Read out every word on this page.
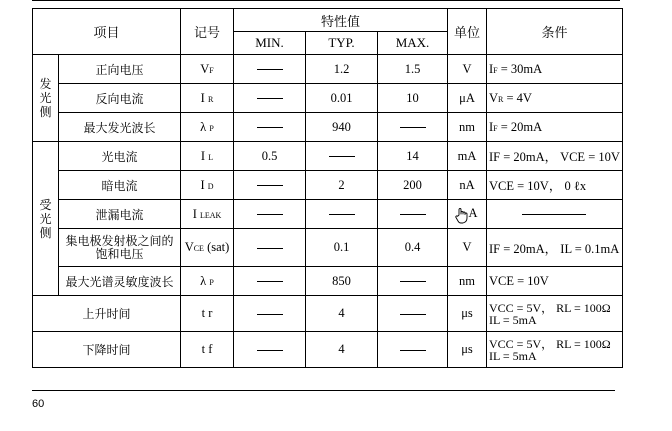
项目		记号	特性值			单位	条件
			MIN.	TYP.	MAX.		
发
光
侧	正向电压	VF		1.2	1.5	V	IF = 30mA
	反向电流	I R		0.01	10	μA	VR = 4V
	最大发光波长	λ P		940		nm	IF = 20mA
受
光
侧	光电流	I L	0.5		14	mA	IF = 20mA， VCE = 10V
	暗电流	I D		2	200	nA	VCE = 10V， 0 ℓx
	泄漏电流	I LEAK				A	
	集电极发射极之间的饱和电压	VCE (sat)		0.1	0.4	V	IF = 20mA， IL = 0.1mA
	最大光谱灵敏度波长	λ P		850		nm	VCE = 10V
上升时间		t r		4		μs	VCC = 5V， RL = 100Ω
IL = 5mA

下降时间		t f		4		μs	VCC = 5V， RL = 100Ω
IL = 5mA
60
